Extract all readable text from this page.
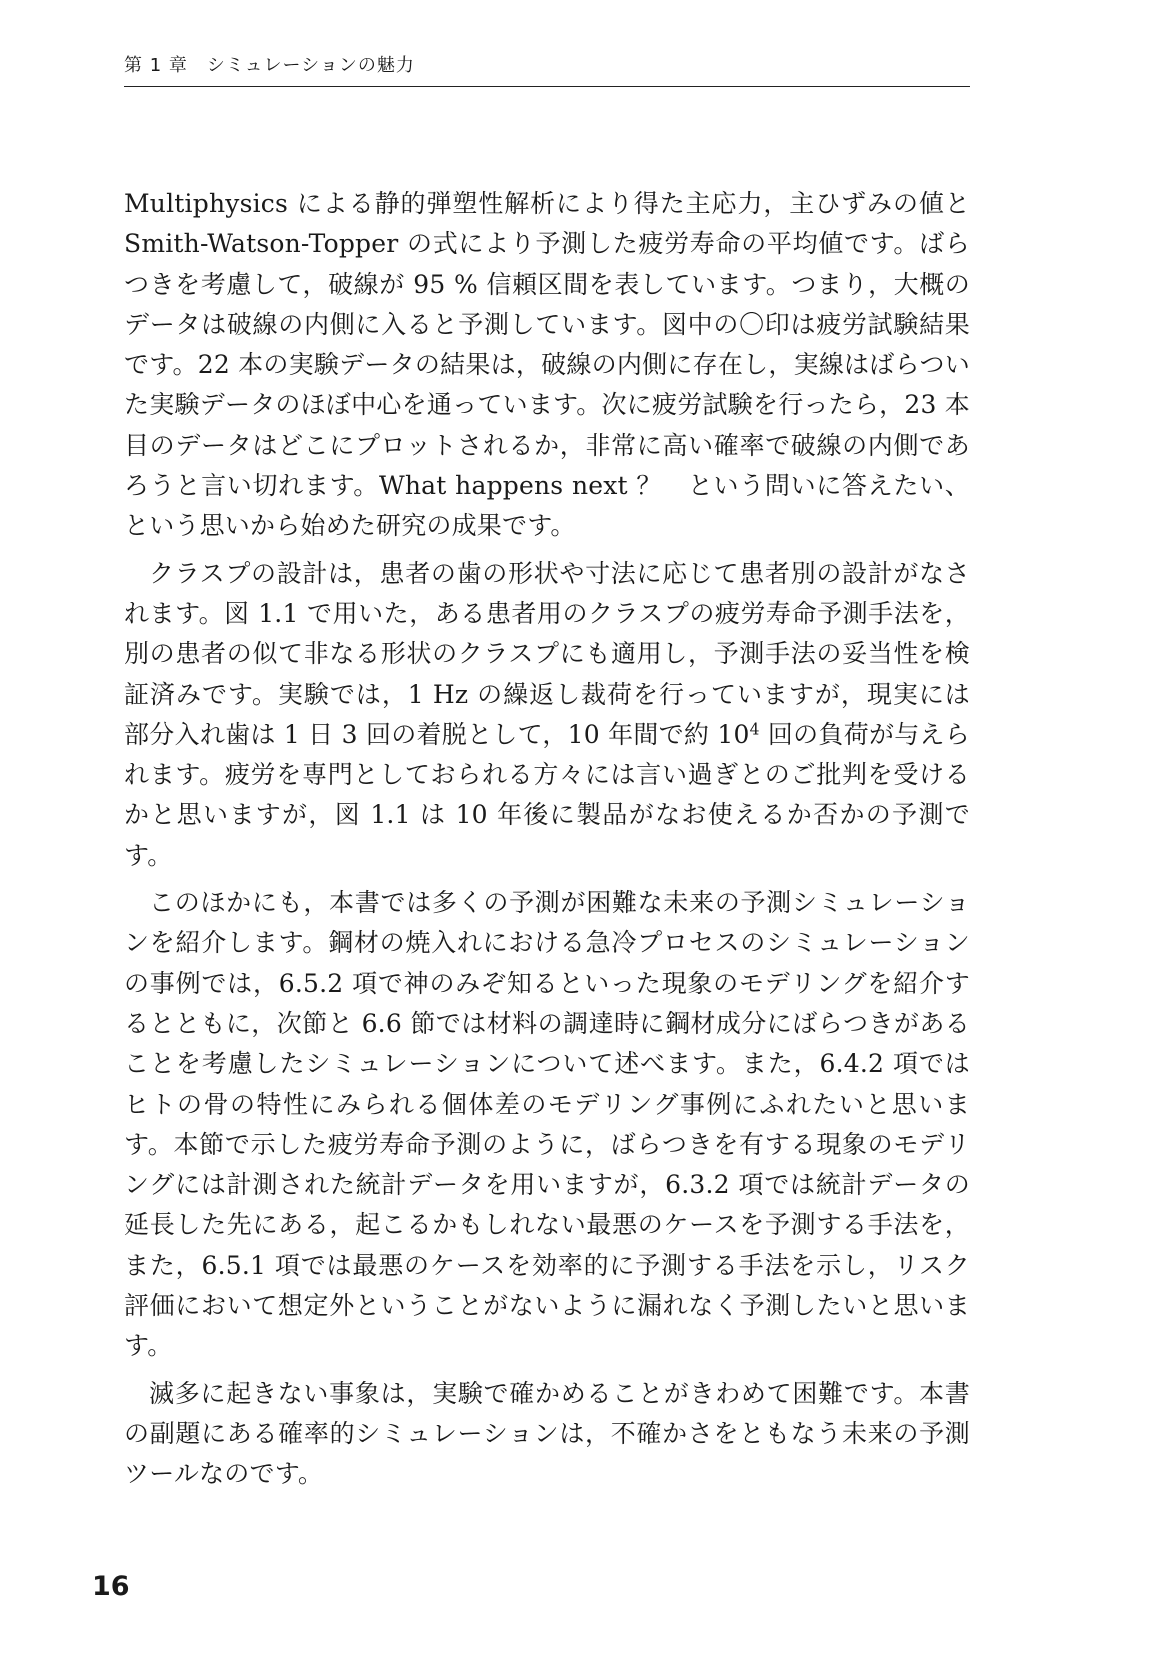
第 1 章　シミュレーションの魅力

Multiphysics による静的弾塑性解析により得た主応力，主ひずみの値と Smith-Watson-Topper の式により予測した疲労寿命の平均値です。ばらつきを考慮して，破線が 95 % 信頼区間を表しています。つまり，大概のデータは破線の内側に入ると予測しています。図中の〇印は疲労試験結果です。22 本の実験データの結果は，破線の内側に存在し，実線はばらついた実験データのほぼ中心を通っています。次に疲労試験を行ったら，23 本目のデータはどこにプロットされるか，非常に高い確率で破線の内側であろうと言い切れます。What happens next ？　という問いに答えたい、という思いから始めた研究の成果です。

クラスプの設計は，患者の歯の形状や寸法に応じて患者別の設計がなされます。図 1.1 で用いた，ある患者用のクラスプの疲労寿命予測手法を，別の患者の似て非なる形状のクラスプにも適用し，予測手法の妥当性を検証済みです。実験では，1 Hz の繰返し裁荷を行っていますが，現実には部分入れ歯は 1 日 3 回の着脱として，10 年間で約 $10^4$ 回の負荷が与えられます。疲労を専門としておられる方々には言い過ぎとのご批判を受けるかと思いますが，図 1.1 は 10 年後に製品がなお使えるか否かの予測です。

このほかにも，本書では多くの予測が困難な未来の予測シミュレーションを紹介します。鋼材の焼入れにおける急冷プロセスのシミュレーションの事例では，6.5.2 項で神のみぞ知るといった現象のモデリングを紹介するとともに，次節と 6.6 節では材料の調達時に鋼材成分にばらつきがあることを考慮したシミュレーションについて述べます。また，6.4.2 項ではヒトの骨の特性にみられる個体差のモデリング事例にふれたいと思います。本節で示した疲労寿命予測のように，ばらつきを有する現象のモデリングには計測された統計データを用いますが，6.3.2 項では統計データの延長した先にある，起こるかもしれない最悪のケースを予測する手法を，また，6.5.1 項では最悪のケースを効率的に予測する手法を示し，リスク評価において想定外ということがないように漏れなく予測したいと思います。

滅多に起きない事象は，実験で確かめることがきわめて困難です。本書の副題にある確率的シミュレーションは，不確かさをともなう未来の予測ツールなのです。

16
